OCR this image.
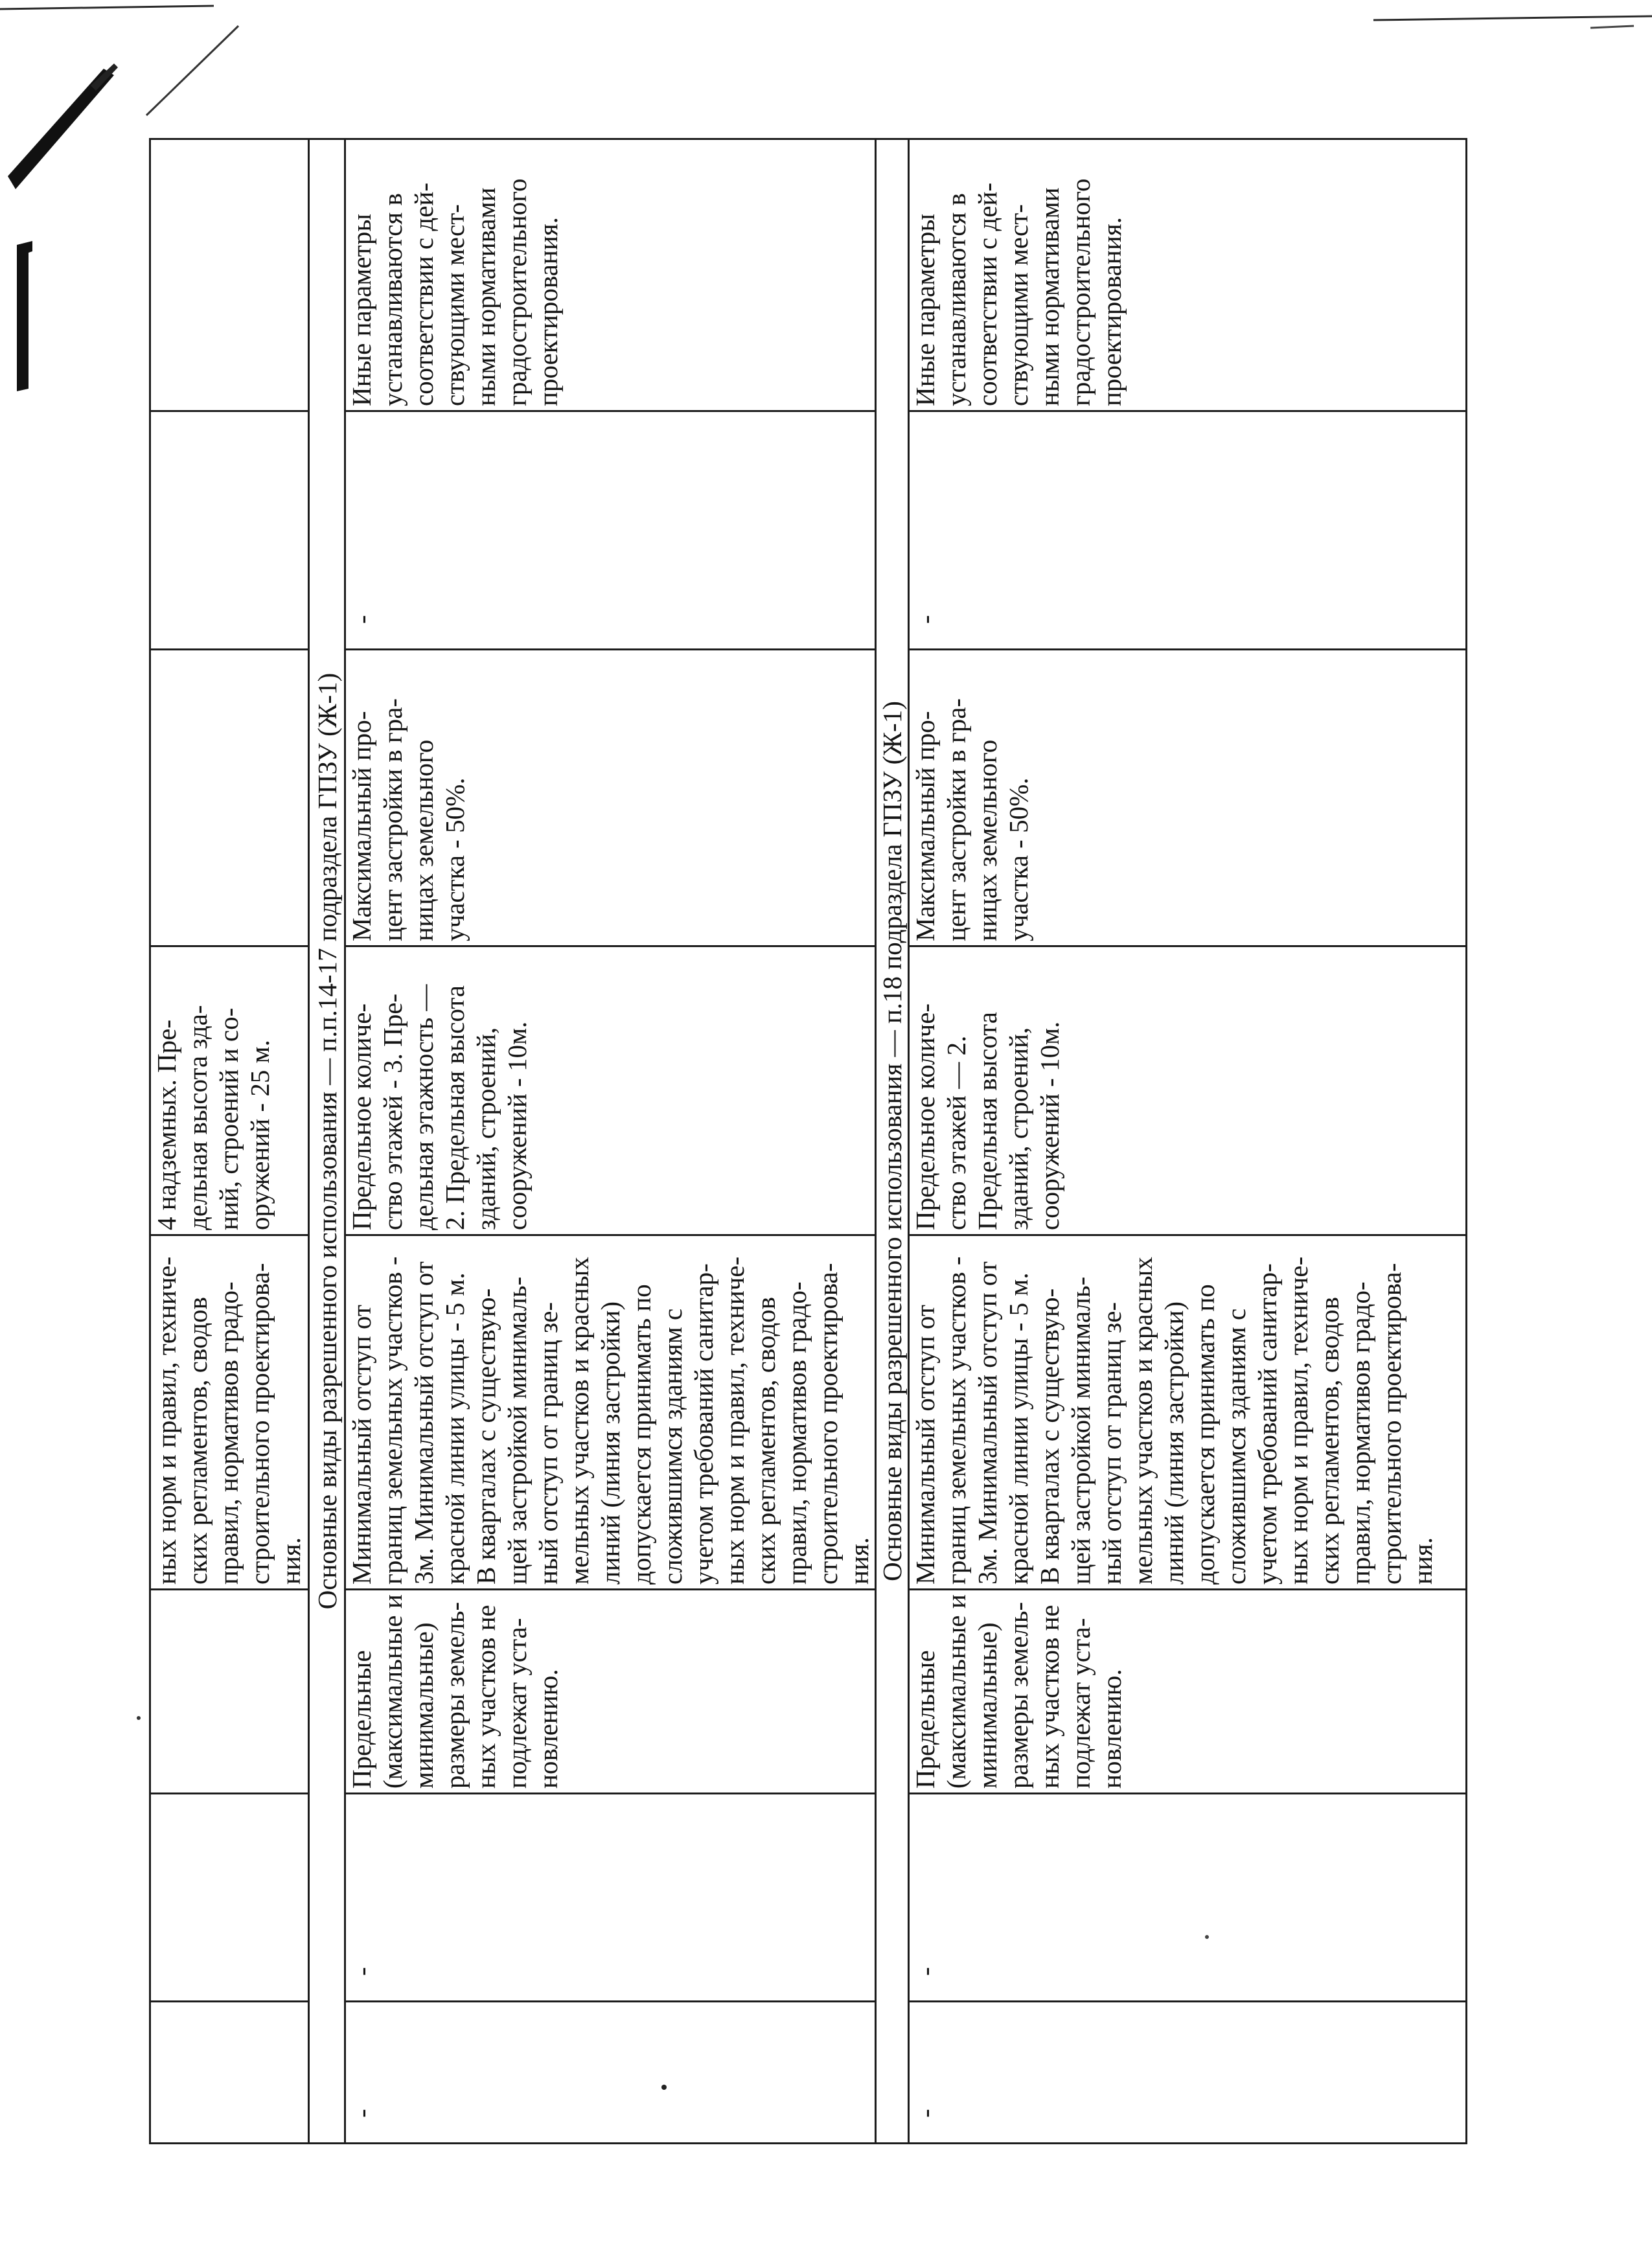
ных норм и правил, техниче-
ских регламентов, сводов
правил, нормативов градо-
строительного проектирова-
ния.
4 надземных. Пре-
дельная высота зда-
ний, строений и со-
оружений - 25 м.	Основные виды разрешенного использования — п.п.14-17 подраздела ГПЗУ (Ж-1)
-
-
Предельные
(максимальные и
минимальные)
размеры земель-
ных участков не
подлежат уста-
новлению.
Минимальный отступ от
границ земельных участков -
3м. Минимальный отступ от
красной линии улицы - 5 м.
В кварталах с существую-
щей застройкой минималь-
ный отступ от границ зе-
мельных участков и красных
линий (линия застройки)
допускается принимать по
сложившимся зданиям с
учетом требований санитар-
ных норм и правил, техниче-
ских регламентов, сводов
правил, нормативов градо-
строительного проектирова-
ния.
Предельное количе-
ство этажей - 3. Пре-
дельная этажность —
2. Предельная высота
зданий, строений,
сооружений - 10м.
Максимальный про-
цент застройки в гра-
ницах земельного
участка - 50%.
-
Иные параметры
устанавливаются в
соответствии с дей-
ствующими мест-
ными нормативами
градостроительного
проектирования.
Основные виды разрешенного использования — п.18 подраздела ГПЗУ (Ж-1)
-
-
Предельные
(максимальные и
минимальные)
размеры земель-
ных участков не
подлежат уста-
новлению.
Минимальный отступ от
границ земельных участков -
3м. Минимальный отступ от
красной линии улицы - 5 м.
В кварталах с существую-
щей застройкой минималь-
ный отступ от границ зе-
мельных участков и красных
линий (линия застройки)
допускается принимать по
сложившимся зданиям с
учетом требований санитар-
ных норм и правил, техниче-
ских регламентов, сводов
правил, нормативов градо-
строительного проектирова-
ния.
Предельное количе-
ство этажей — 2.
Предельная высота
зданий, строений,
сооружений - 10м.
Максимальный про-
цент застройки в гра-
ницах земельного
участка - 50%.
-
Иные параметры
устанавливаются в
соответствии с дей-
ствующими мест-
ными нормативами
градостроительного
проектирования.
